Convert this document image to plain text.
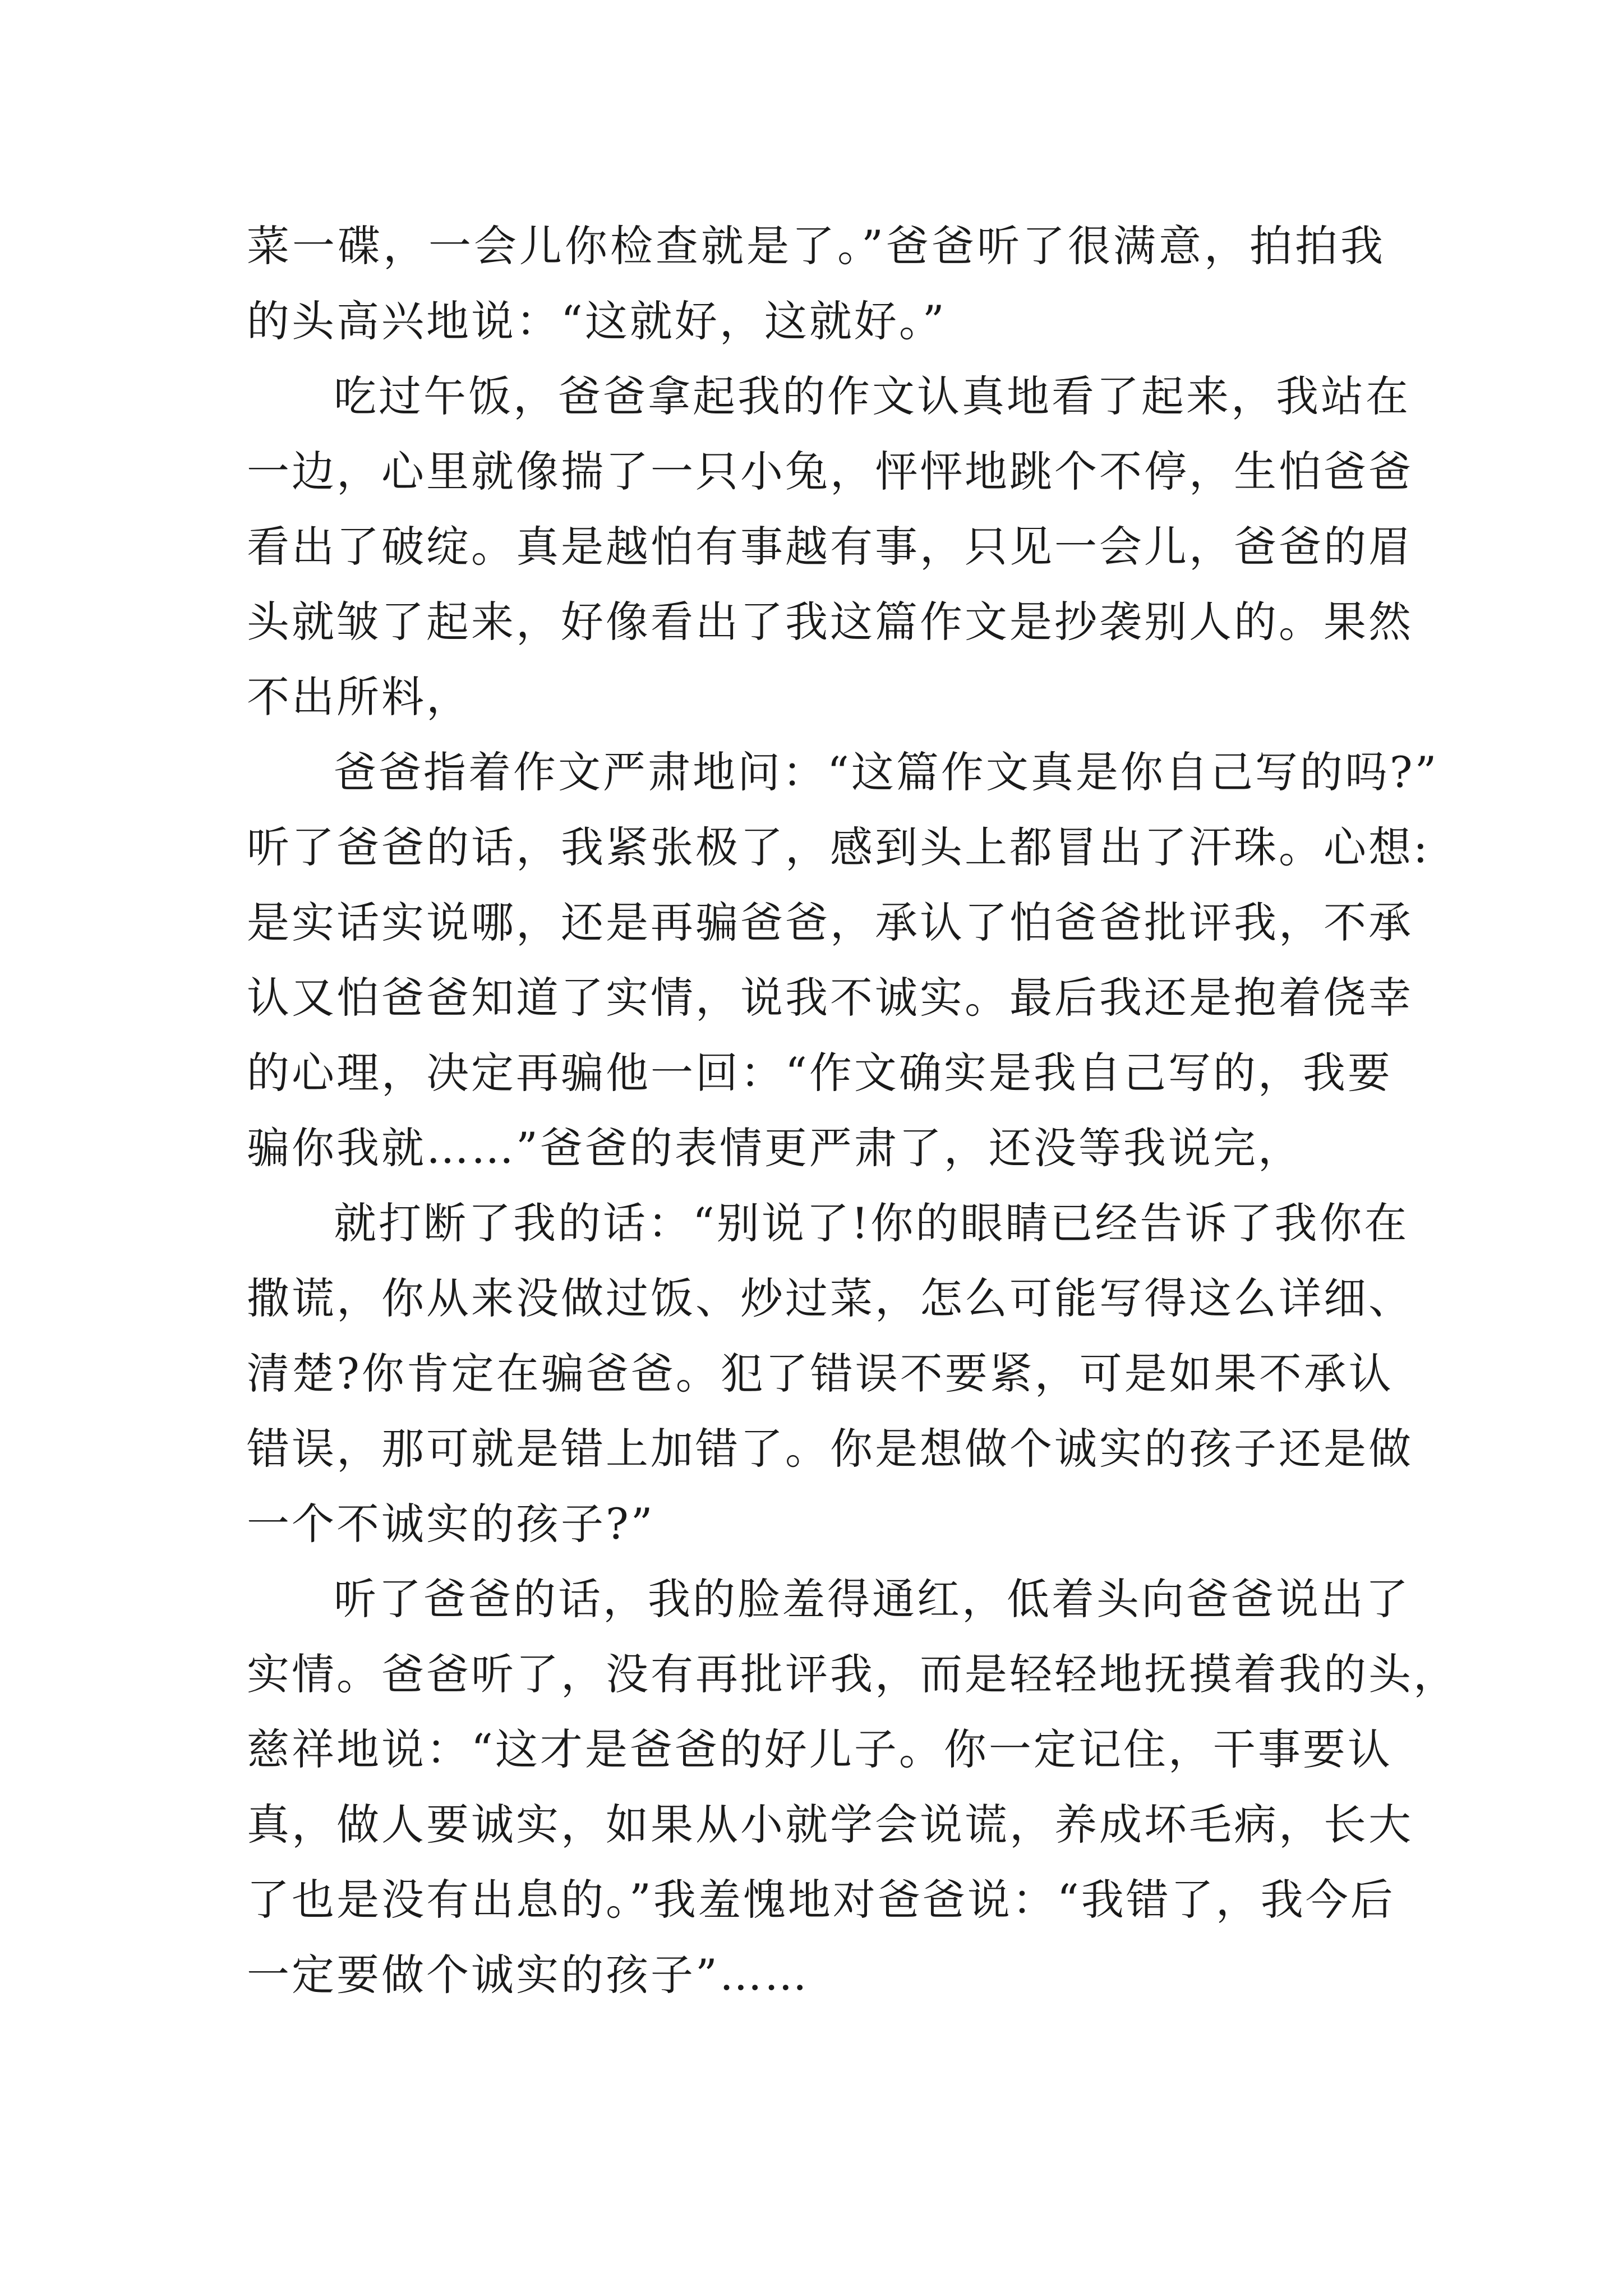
菜一碟，一会儿你检查就是了。”爸爸听了很满意，拍拍我
的头高兴地说：“这就好，这就好。”
吃过午饭，爸爸拿起我的作文认真地看了起来，我站在
一边，心里就像揣了一只小兔，怦怦地跳个不停，生怕爸爸
看出了破绽。真是越怕有事越有事，只见一会儿，爸爸的眉
头就皱了起来，好像看出了我这篇作文是抄袭别人的。果然
不出所料，
爸爸指着作文严肃地问：“这篇作文真是你自己写的吗?”
听了爸爸的话，我紧张极了，感到头上都冒出了汗珠。心想:
是实话实说哪，还是再骗爸爸，承认了怕爸爸批评我，不承
认又怕爸爸知道了实情，说我不诚实。最后我还是抱着侥幸
的心理，决定再骗他一回：“作文确实是我自己写的，我要
骗你我就……”爸爸的表情更严肃了，还没等我说完，
就打断了我的话：“别说了!你的眼睛已经告诉了我你在
撒谎，你从来没做过饭、炒过菜，怎么可能写得这么详细、
清楚?你肯定在骗爸爸。犯了错误不要紧，可是如果不承认
错误，那可就是错上加错了。你是想做个诚实的孩子还是做
一个不诚实的孩子?”
听了爸爸的话，我的脸羞得通红，低着头向爸爸说出了
实情。爸爸听了，没有再批评我，而是轻轻地抚摸着我的头，
慈祥地说：“这才是爸爸的好儿子。你一定记住，干事要认
真，做人要诚实，如果从小就学会说谎，养成坏毛病，长大
了也是没有出息的。”我羞愧地对爸爸说：“我错了，我今后
一定要做个诚实的孩子”……
